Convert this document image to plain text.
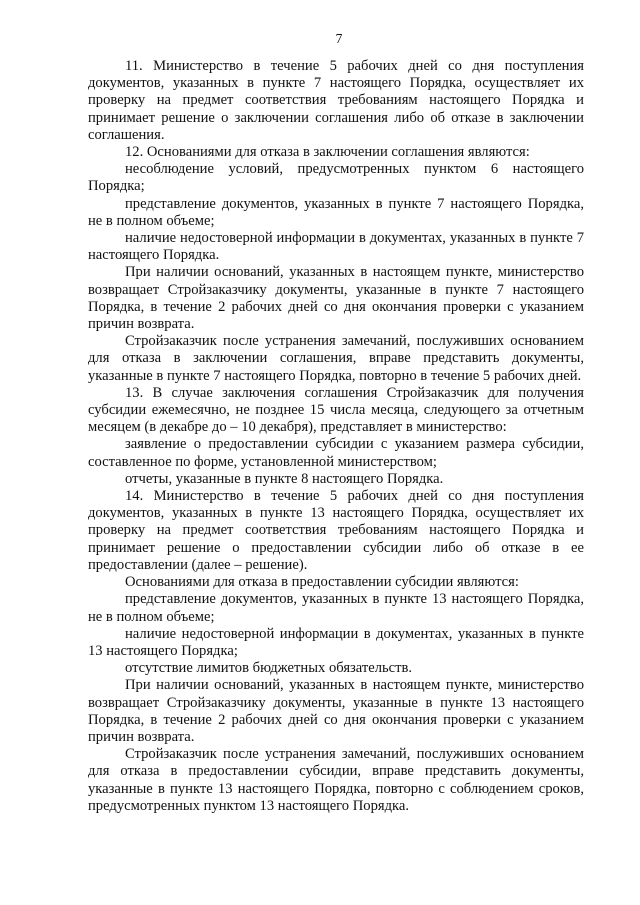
7

11. Министерство в течение 5 рабочих дней со дня поступления документов, указанных в пункте 7 настоящего Порядка, осуществляет их проверку на предмет соответствия требованиям настоящего Порядка и принимает решение о заключении соглашения либо об отказе в заключении соглашения.

12. Основаниями для отказа в заключении соглашения являются:

несоблюдение условий, предусмотренных пунктом 6 настоящего Порядка;

представление документов, указанных в пункте 7 настоящего Порядка, не в полном объеме;

наличие недостоверной информации в документах, указанных в пункте 7 настоящего Порядка.

При наличии оснований, указанных в настоящем пункте, министерство возвращает Стройзаказчику документы, указанные в пункте 7 настоящего Порядка, в течение 2 рабочих дней со дня окончания проверки с указанием причин возврата.

Стройзаказчик после устранения замечаний, послуживших основанием для отказа в заключении соглашения, вправе представить документы, указанные в пункте 7 настоящего Порядка, повторно в течение 5 рабочих дней.

13. В случае заключения соглашения Стройзаказчик для получения субсидии ежемесячно, не позднее 15 числа месяца, следующего за отчетным месяцем (в декабре до – 10 декабря), представляет в министерство:

заявление о предоставлении субсидии с указанием размера субсидии, составленное по форме, установленной министерством;

отчеты, указанные в пункте 8 настоящего Порядка.

14. Министерство в течение 5 рабочих дней со дня поступления документов, указанных в пункте 13 настоящего Порядка, осуществляет их проверку на предмет соответствия требованиям настоящего Порядка и принимает решение о предоставлении субсидии либо об отказе в ее предоставлении (далее – решение).

Основаниями для отказа в предоставлении субсидии являются:

представление документов, указанных в пункте 13 настоящего Порядка, не в полном объеме;

наличие недостоверной информации в документах, указанных в пункте 13 настоящего Порядка;

отсутствие лимитов бюджетных обязательств.

При наличии оснований, указанных в настоящем пункте, министерство возвращает Стройзаказчику документы, указанные в пункте 13 настоящего Порядка, в течение 2 рабочих дней со дня окончания проверки с указанием причин возврата.

Стройзаказчик после устранения замечаний, послуживших основанием для отказа в предоставлении субсидии, вправе представить документы, указанные в пункте 13 настоящего Порядка, повторно с соблюдением сроков, предусмотренных пунктом 13 настоящего Порядка.
